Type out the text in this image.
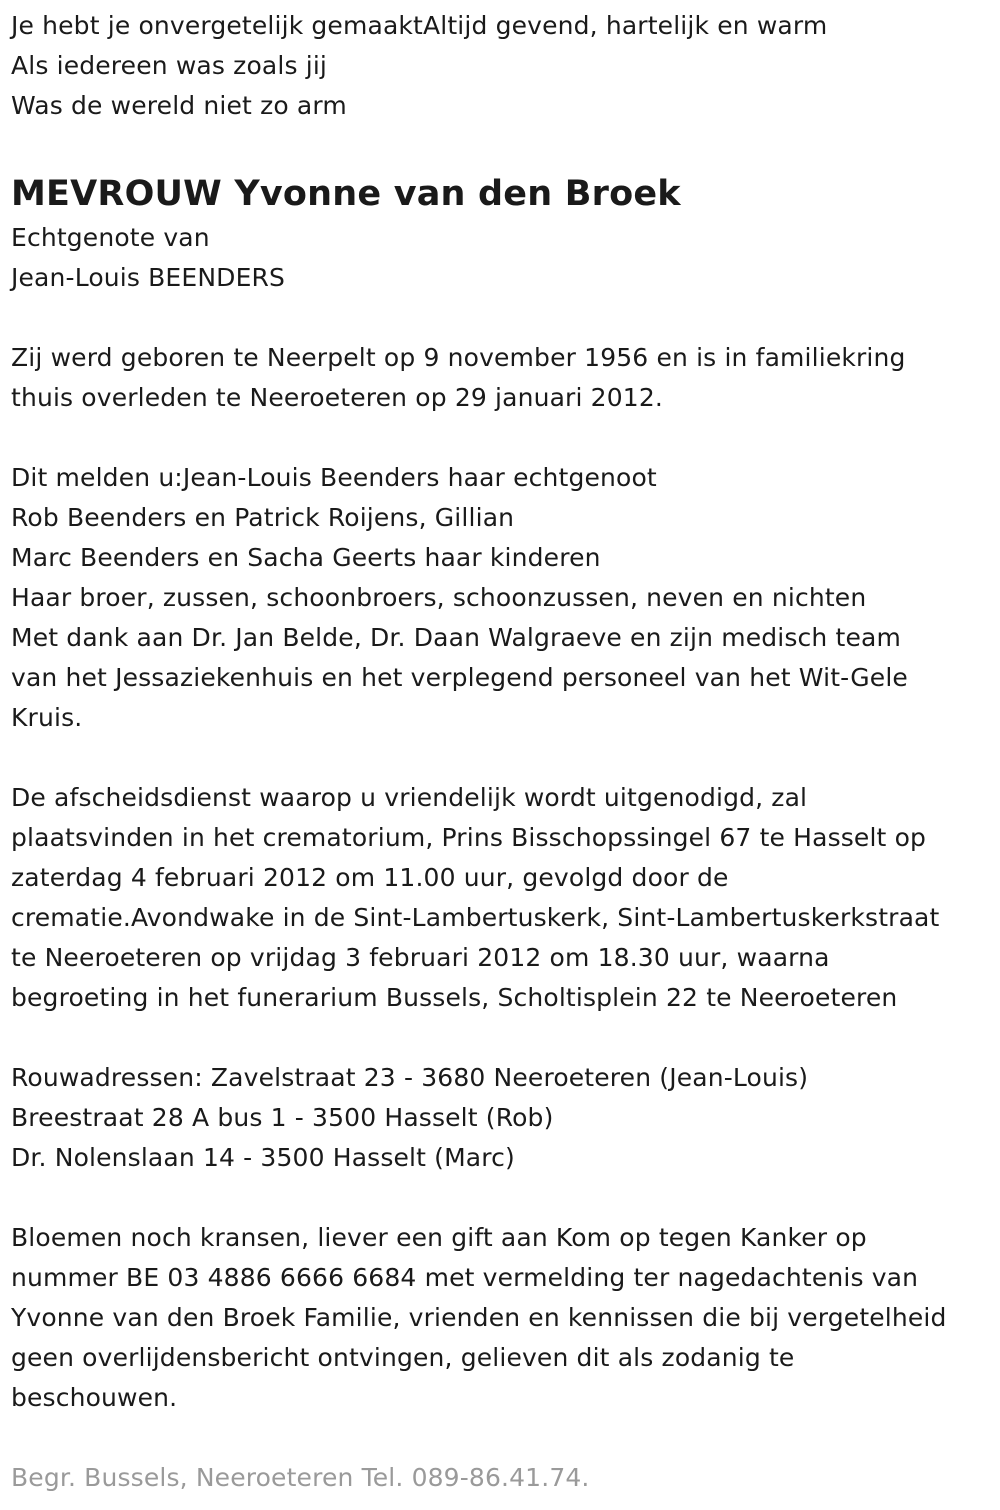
Je hebt je onvergetelijk gemaaktAltijd gevend, hartelijk en warm
Als iedereen was zoals jij
Was de wereld niet zo arm
MEVROUW Yvonne van den Broek
Echtgenote van
Jean-Louis BEENDERS
Zij werd geboren te Neerpelt op 9 november 1956 en is in familiekring
thuis overleden te Neeroeteren op 29 januari 2012.
Dit melden u:Jean-Louis Beenders haar echtgenoot
Rob Beenders en Patrick Roijens, Gillian
Marc Beenders en Sacha Geerts haar kinderen
Haar broer, zussen, schoonbroers, schoonzussen, neven en nichten
Met dank aan Dr. Jan Belde, Dr. Daan Walgraeve en zijn medisch team
van het Jessaziekenhuis en het verplegend personeel van het Wit-Gele
Kruis.
De afscheidsdienst waarop u vriendelijk wordt uitgenodigd, zal
plaatsvinden in het crematorium, Prins Bisschopssingel 67 te Hasselt op
zaterdag 4 februari 2012 om 11.00 uur, gevolgd door de
crematie.Avondwake in de Sint-Lambertuskerk, Sint-Lambertuskerkstraat
te Neeroeteren op vrijdag 3 februari 2012 om 18.30 uur, waarna
begroeting in het funerarium Bussels, Scholtisplein 22 te Neeroeteren
Rouwadressen: Zavelstraat 23 - 3680 Neeroeteren (Jean-Louis)
Breestraat 28 A bus 1 - 3500 Hasselt (Rob)
Dr. Nolenslaan 14 - 3500 Hasselt (Marc)
Bloemen noch kransen, liever een gift aan Kom op tegen Kanker op
nummer BE 03 4886 6666 6684 met vermelding ter nagedachtenis van
Yvonne van den Broek Familie, vrienden en kennissen die bij vergetelheid
geen overlijdensbericht ontvingen, gelieven dit als zodanig te
beschouwen.
Begr. Bussels, Neeroeteren Tel. 089-86.41.74.
